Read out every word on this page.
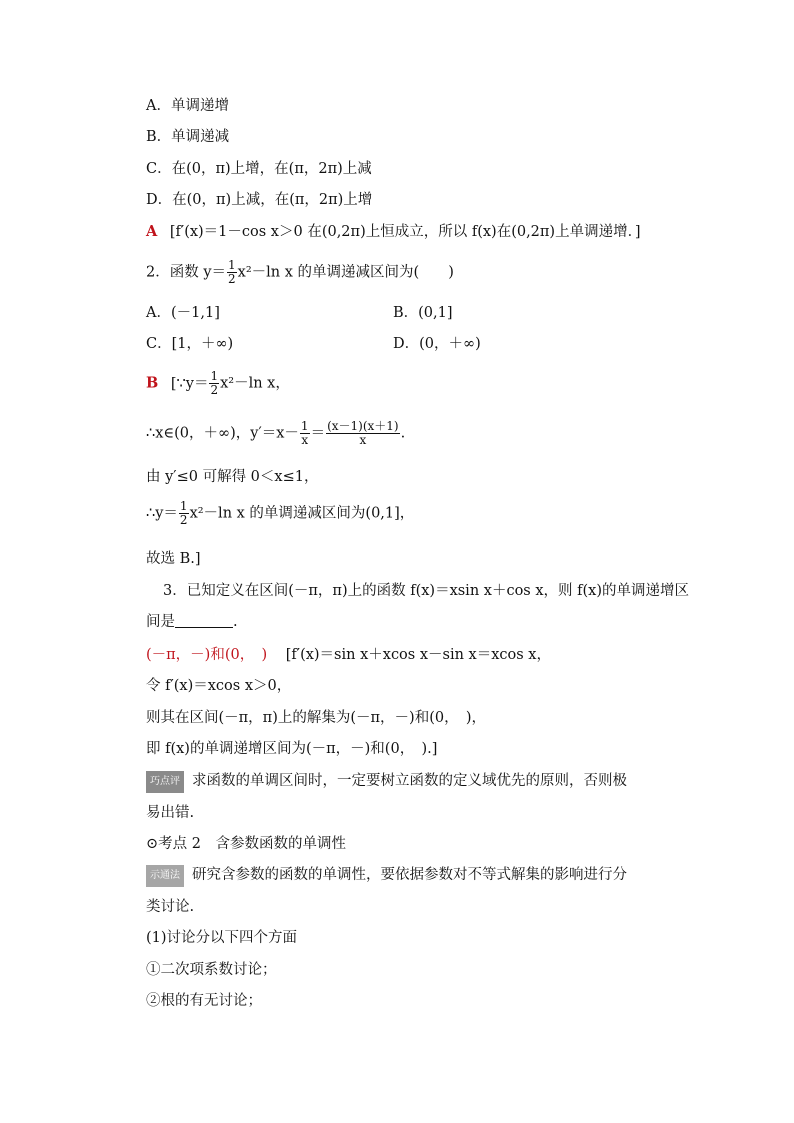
A．单调递增
B．单调递减
C．在(0，π)上增，在(π，2π)上减
D．在(0，π)上减，在(π，2π)上增
A [f′(x)＝1－cos x＞0 在(0,2π)上恒成立，所以 f(x)在(0,2π)上单调递增．]
2．函数 $y= \frac{1}{2} x^2-\ln$ x 的单调递减区间为(　　)
A．(－1,1]	B．(0,1]
C．[1，＋∞)	D．(0，＋∞)
B [∵y＝ $\frac{1}{2} x^2-\ln$ x，
∴x∈(0，＋∞)，$y'=x- \frac{1}{x} = \frac{(x-1)(x+1)}{x}$ .
由 y′≤0 可解得 0＜x≤1，
∴y＝ $\frac{1}{2} x^2-\ln$ x 的单调递减区间为(0,1]，
故选 B.]
3．已知定义在区间(－π，π)上的函数 f(x)＝xsin x＋cos x，则 f(x)的单调递增区
间是	.
(－π，－)和(0，　) [f′(x)＝sin x＋xcos x－sin x＝xcos x，
令 f′(x)＝xcos x＞0，
则其在区间(－π，π)上的解集为(－π，－)和(0，　)，
即 f(x)的单调递增区间为(－π，－)和(0，　).]
巧点评 求函数的单调区间时，一定要树立函数的定义域优先的原则，否则极
易出错.
⊙考点 2　含参数函数的单调性
示通法 研究含参数的函数的单调性，要依据参数对不等式解集的影响进行分
类讨论.
(1)讨论分以下四个方面
①二次项系数讨论；
②根的有无讨论；
